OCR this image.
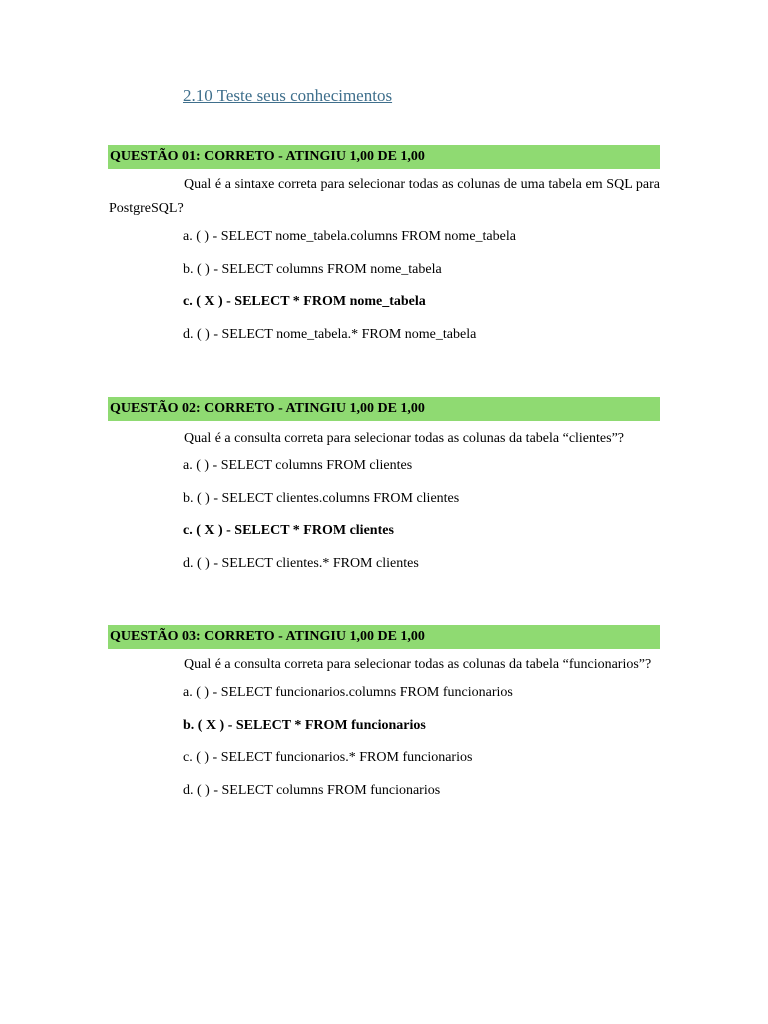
2.10 Teste seus conhecimentos
QUESTÃO 01: CORRETO - ATINGIU 1,00 DE 1,00
Qual é a sintaxe correta para selecionar todas as colunas de uma tabela em SQL para PostgreSQL?
a. ( ) - SELECT nome_tabela.columns FROM nome_tabela
b. ( ) - SELECT columns FROM nome_tabela
c. ( X ) - SELECT * FROM nome_tabela
d. ( ) - SELECT nome_tabela.* FROM nome_tabela
QUESTÃO 02: CORRETO - ATINGIU 1,00 DE 1,00
Qual é a consulta correta para selecionar todas as colunas da tabela “clientes”?
a. ( ) - SELECT columns FROM clientes
b. ( ) - SELECT clientes.columns FROM clientes
c. ( X ) - SELECT * FROM clientes
d. ( ) - SELECT clientes.* FROM clientes
QUESTÃO 03: CORRETO - ATINGIU 1,00 DE 1,00
Qual é a consulta correta para selecionar todas as colunas da tabela “funcionarios”?
a. ( ) - SELECT funcionarios.columns FROM funcionarios
b. ( X ) - SELECT * FROM funcionarios
c. ( ) - SELECT funcionarios.* FROM funcionarios
d. ( ) - SELECT columns FROM funcionarios
